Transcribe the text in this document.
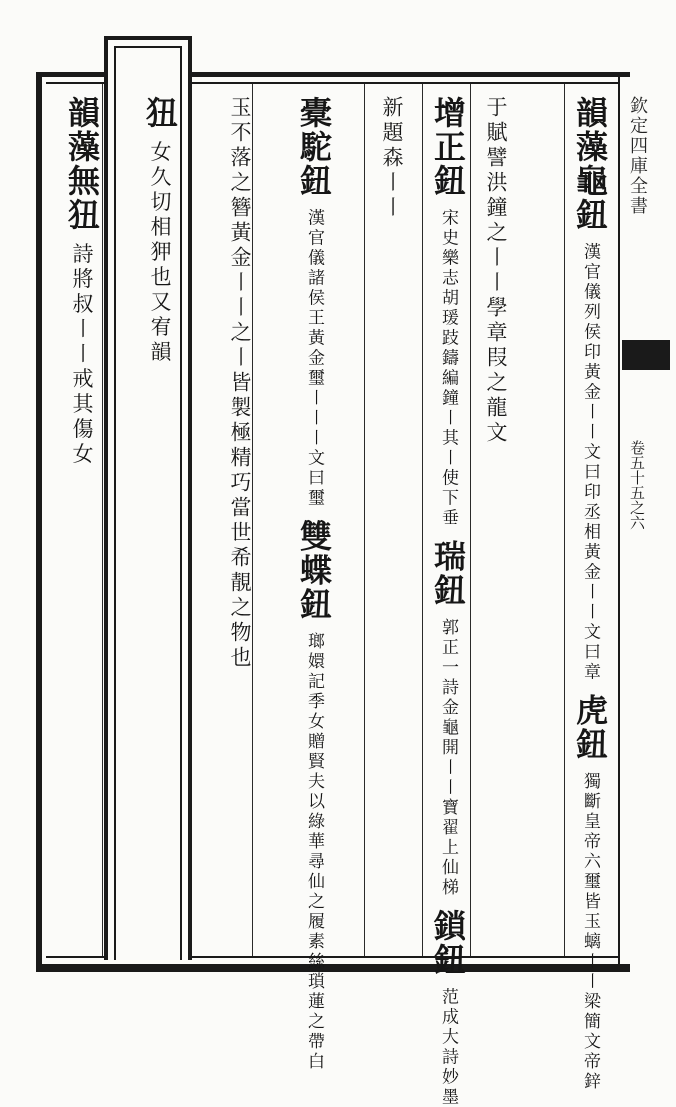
欽定四庫全書
卷五十五之六
韻藻龜鈕 漢官儀列侯印黃金〡〡文曰印丞相黃金〡〡文曰章 虎鈕 獨斷皇帝六璽皆玉螭〡〡梁簡文帝鋅
于賦譬洪鐘之〡〡學章叚之龍文
增正鈕 宋史樂志胡瑗跂鑄編鐘〡其〡使下垂 瑞鈕 郭正一詩金龜開〡〡寶翟上仙梯 鎖鈕 范成大詩妙墨
新題森〡〡
橐駝鈕 漢官儀諸侯王黃金璽〡〡〡文曰璽 雙蝶鈕 瑯嬛記季女贈賢夫以綠華尋仙之履素絲瑣蓮之帶白
玉不落之簪黃金〡〡之〡皆製極精巧當世希靚之物也
狃 女久切相狎也又宥韻
韻藻無狃 詩將叔〡〡戒其傷女
